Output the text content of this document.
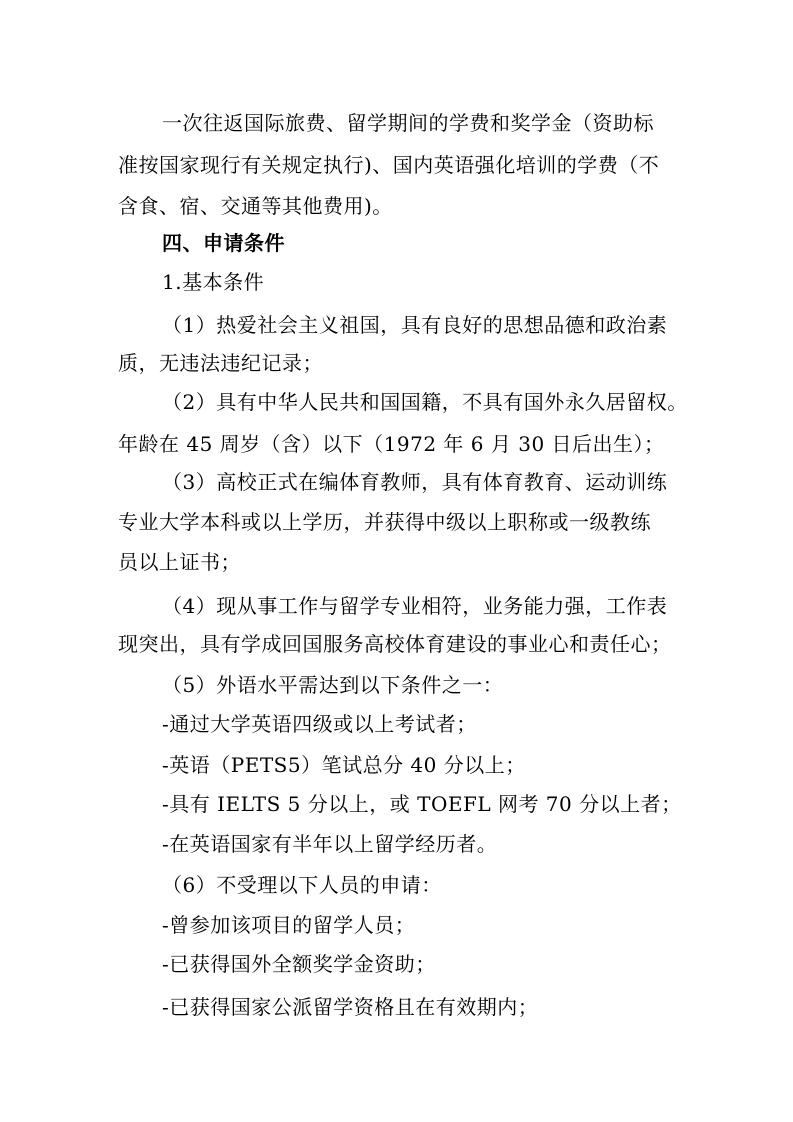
一次往返国际旅费、留学期间的学费和奖学金（资助标
准按国家现行有关规定执行)、国内英语强化培训的学费（不
含食、宿、交通等其他费用)。
四、申请条件
1.基本条件
（1）热爱社会主义祖国，具有良好的思想品德和政治素
质，无违法违纪记录；
（2）具有中华人民共和国国籍，不具有国外永久居留权。
年龄在 45 周岁（含）以下（1972 年 6 月 30 日后出生）；
（3）高校正式在编体育教师，具有体育教育、运动训练
专业大学本科或以上学历，并获得中级以上职称或一级教练
员以上证书；
（4）现从事工作与留学专业相符，业务能力强，工作表
现突出，具有学成回国服务高校体育建设的事业心和责任心；
（5）外语水平需达到以下条件之一：
-通过大学英语四级或以上考试者；
-英语（PETS5）笔试总分 40 分以上；
-具有 IELTS 5 分以上，或 TOEFL 网考 70 分以上者；
-在英语国家有半年以上留学经历者。
（6）不受理以下人员的申请：
-曾参加该项目的留学人员；
-已获得国外全额奖学金资助；
-已获得国家公派留学资格且在有效期内；
